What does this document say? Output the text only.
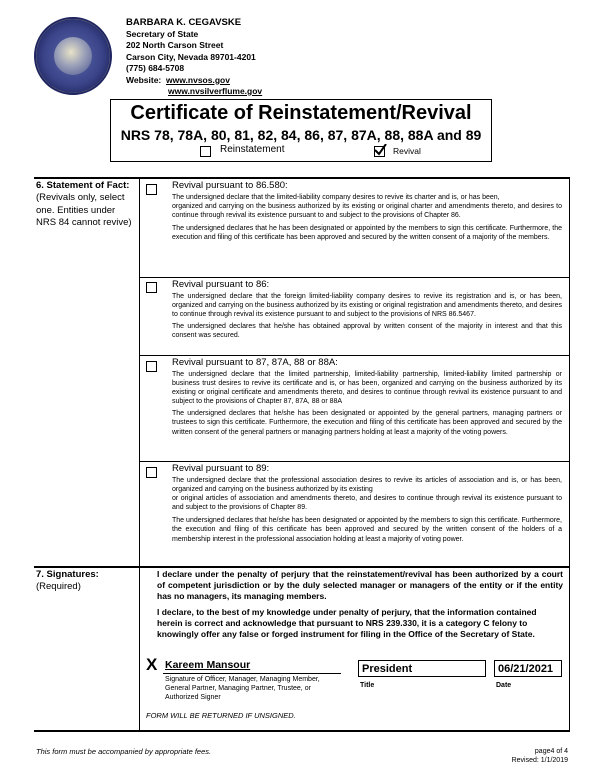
BARBARA K. CEGAVSKE
Secretary of State
202 North Carson Street
Carson City, Nevada 89701-4201
(775) 684-5708
Website: www.nvsos.gov
www.nvsilverflume.gov
Certificate of Reinstatement/Revival
NRS 78, 78A, 80, 81, 82, 84, 86, 87, 87A, 88, 88A and 89
Reinstatement	Revival
6. Statement of Fact:
(Revivals only, select one. Entities under NRS 84 cannot revive)
Revival pursuant to 86.580:
The undersigned declare that the limited-liability company desires to revive its charter and is, or has been,
organized and carrying on the business authorized by its existing or original charter and amendments thereto, and desires to continue through revival its existence pursuant to and subject to the provisions of Chapter 86.
The undersigned declares that he has been designated or appointed by the members to sign this certificate. Furthermore, the execution and filing of this certificate has been approved and secured by the written consent of a majority of the members.
Revival pursuant to 86:
The undersigned declare that the foreign limited-liability company desires to revive its registration and is, or has been, organized and carrying on the business authorized by its existing or original registration and amendments thereto, and desires to continue through revival its existence pursuant to and subject to the provisions of NRS 86.5467.
The undersigned declares that he/she has obtained approval by written consent of the majority in interest and that this consent was secured.
Revival pursuant to 87, 87A, 88 or 88A:
The undersigned declare that the limited partnership, limited-liability partnership, limited-liability limited partnership or business trust desires to revive its certificate and is, or has been, organized and carrying on the business authorized by its existing or original certificate and amendments thereto, and desires to continue through revival its existence pursuant to and subject to the provisions of Chapter 87, 87A, 88 or 88A
The undersigned declares that he/she has been designated or appointed by the general partners, managing partners or trustees to sign this certificate. Furthermore, the execution and filing of this certificate has been approved and secured by the written consent of the general partners or managing partners holding at least a majority of the voting powers.
Revival pursuant to 89:
The undersigned declare that the professional association desires to revive its articles of association and is, or has been, organized and carrying on the business authorized by its existing
or original articles of association and amendments thereto, and desires to continue through revival its existence pursuant to and subject to the provisions of Chapter 89.
The undersigned declares that he/she has been designated or appointed by the members to sign this certificate. Furthermore, the execution and filing of this certificate has been approved and secured by the written consent of the holders of a membership interest in the professional association holding at least a majority of voting power.
7. Signatures:
(Required)
I declare under the penalty of perjury that the reinstatement/revival has been authorized by a court of competent jurisdiction or by the duly selected manager or managers of the entity or if the entity has no managers, its managing members.
I declare, to the best of my knowledge under penalty of perjury, that the information contained herein is correct and acknowledge that pursuant to NRS 239.330, it is a category C felony to knowingly offer any false or forged instrument for filing in the Office of the Secretary of State.
X Kareem Mansour
Signature of Officer, Manager, Managing Member, General Partner, Managing Partner, Trustee, or Authorized Signer
President
Title
06/21/2021
Date
FORM WILL BE RETURNED IF UNSIGNED.
This form must be accompanied by appropriate fees.	page4 of 4
Revised: 1/1/2019
